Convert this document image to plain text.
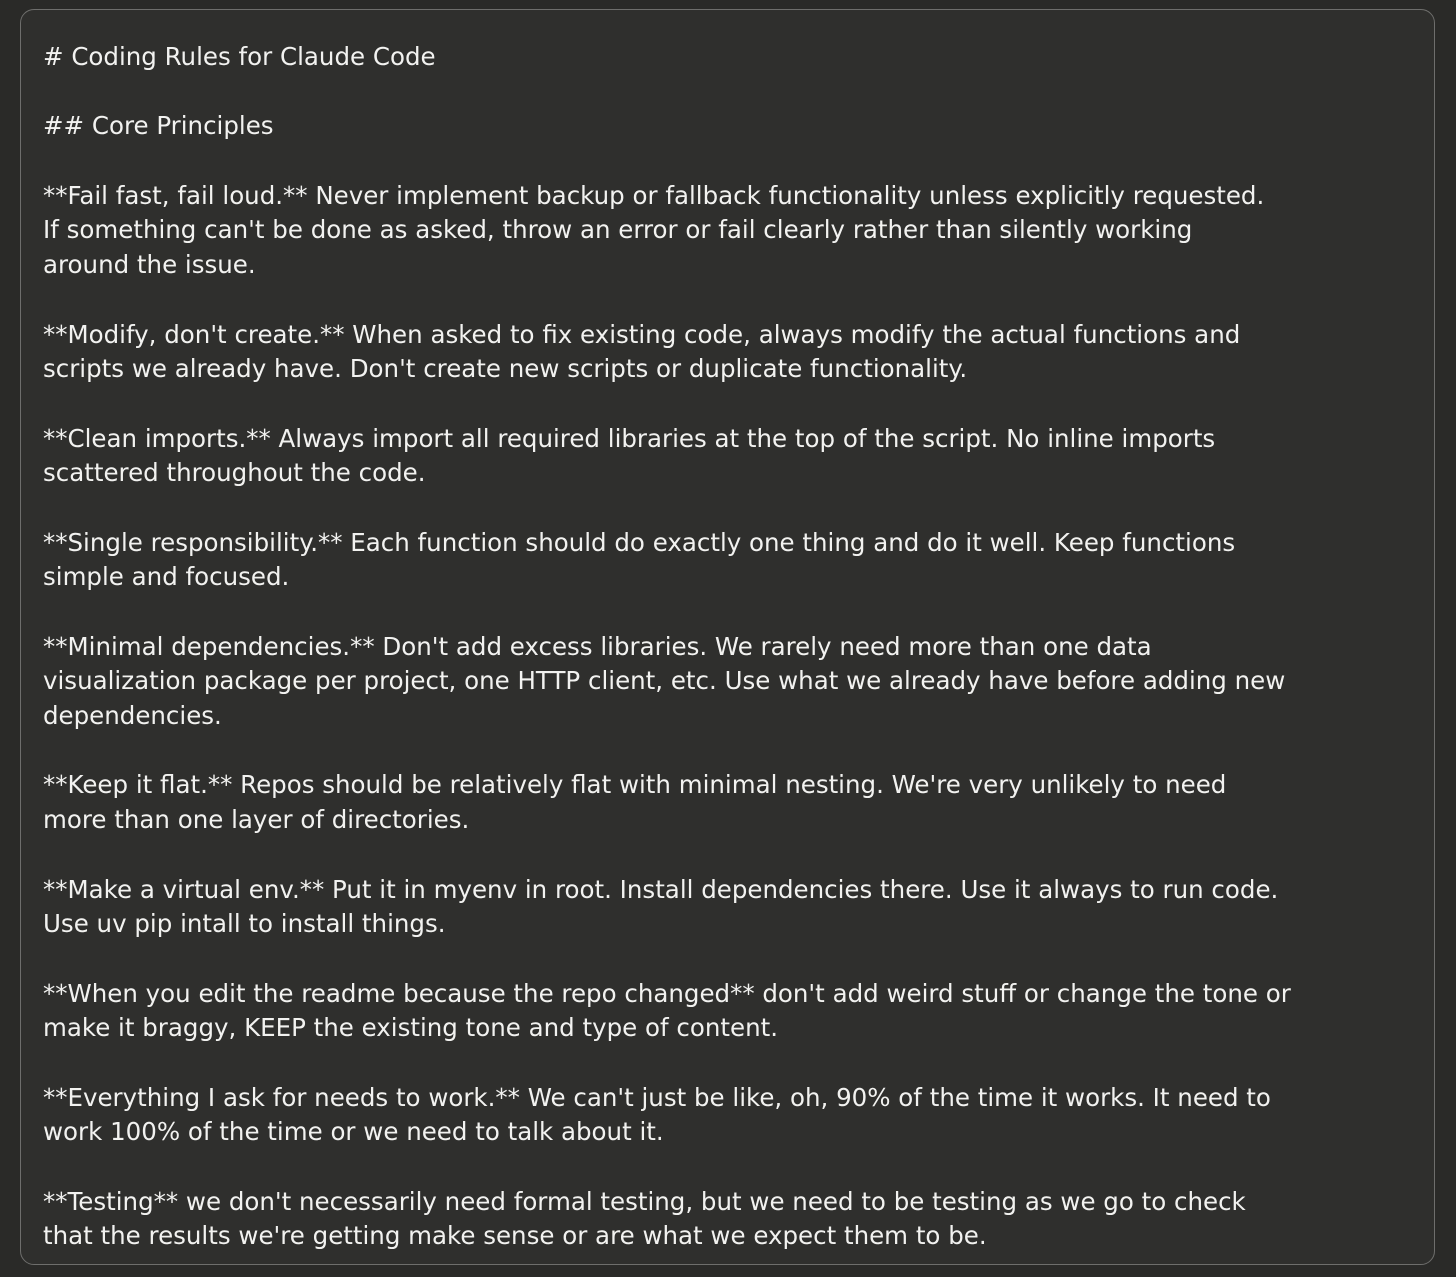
# Coding Rules for Claude Code
## Core Principles
**Fail fast, fail loud.** Never implement backup or fallback functionality unless explicitly requested.
If something can't be done as asked, throw an error or fail clearly rather than silently working
around the issue.
**Modify, don't create.** When asked to fix existing code, always modify the actual functions and
scripts we already have. Don't create new scripts or duplicate functionality.
**Clean imports.** Always import all required libraries at the top of the script. No inline imports
scattered throughout the code.
**Single responsibility.** Each function should do exactly one thing and do it well. Keep functions
simple and focused.
**Minimal dependencies.** Don't add excess libraries. We rarely need more than one data
visualization package per project, one HTTP client, etc. Use what we already have before adding new
dependencies.
**Keep it flat.** Repos should be relatively flat with minimal nesting. We're very unlikely to need
more than one layer of directories.
**Make a virtual env.** Put it in myenv in root. Install dependencies there. Use it always to run code.
Use uv pip intall to install things.
**When you edit the readme because the repo changed** don't add weird stuff or change the tone or
make it braggy, KEEP the existing tone and type of content.
**Everything I ask for needs to work.** We can't just be like, oh, 90% of the time it works. It need to
work 100% of the time or we need to talk about it.
**Testing** we don't necessarily need formal testing, but we need to be testing as we go to check
that the results we're getting make sense or are what we expect them to be.
